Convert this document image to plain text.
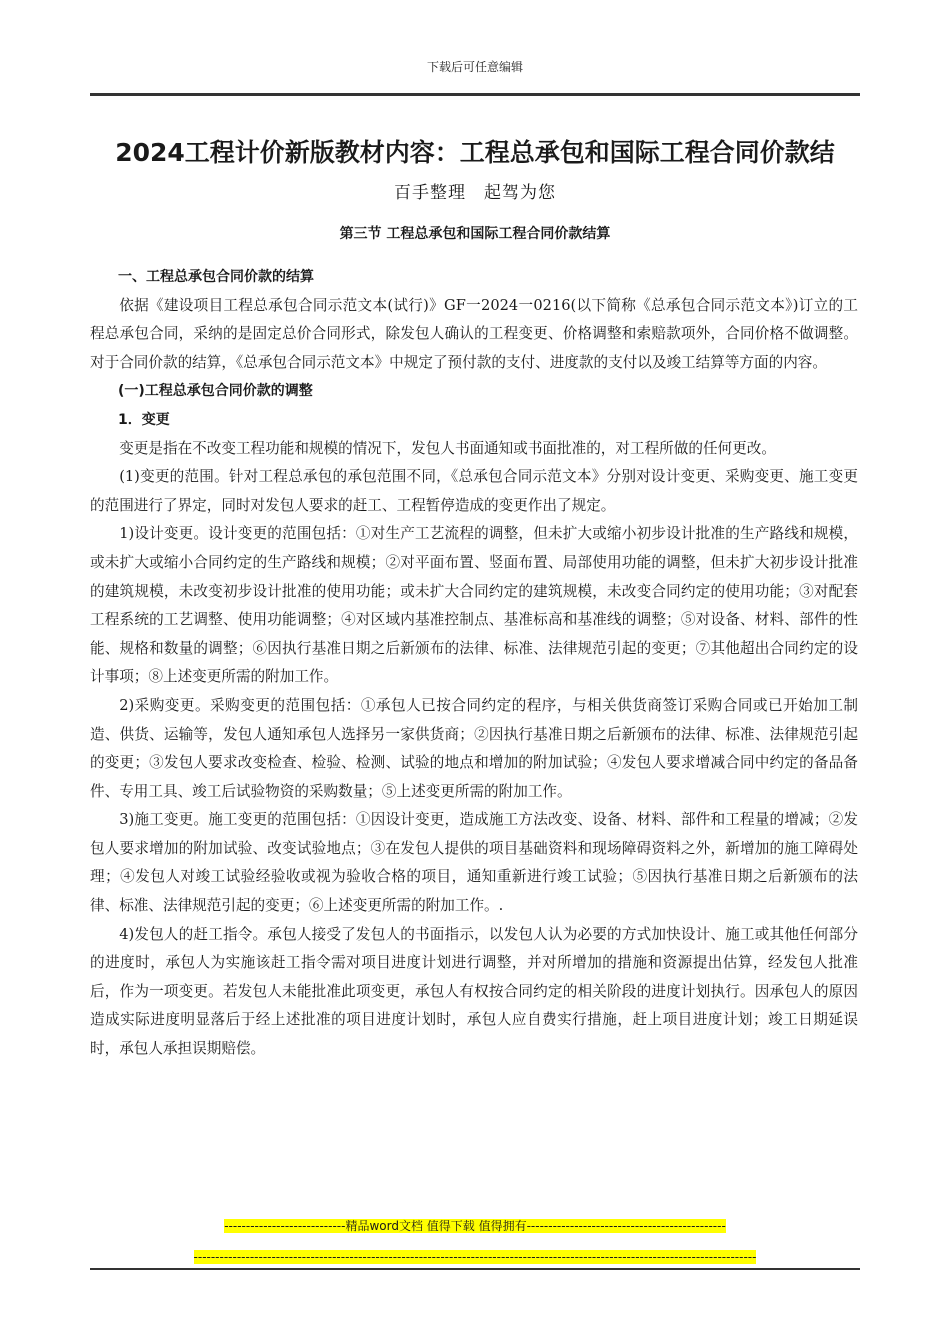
下载后可任意编辑
2024工程计价新版教材内容：工程总承包和国际工程合同价款结
百手整理　起驾为您
第三节 工程总承包和国际工程合同价款结算

一、工程总承包合同价款的结算

依据《建设项目工程总承包合同示范文本(试行)》GF一2024一0216(以下简称《总承包合同示范文本》)订立的工程总承包合同，采纳的是固定总价合同形式，除发包人确认的工程变更、价格调整和索赔款项外，合同价格不做调整。对于合同价款的结算，《总承包合同示范文本》中规定了预付款的支付、进度款的支付以及竣工结算等方面的内容。

(一)工程总承包合同价款的调整

1．变更

变更是指在不改变工程功能和规模的情况下，发包人书面通知或书面批准的，对工程所做的任何更改。

(1)变更的范围。针对工程总承包的承包范围不同，《总承包合同示范文本》分别对设计变更、采购变更、施工变更的范围进行了界定，同时对发包人要求的赶工、工程暂停造成的变更作出了规定。

1)设计变更。设计变更的范围包括：①对生产工艺流程的调整，但未扩大或缩小初步设计批准的生产路线和规模，或未扩大或缩小合同约定的生产路线和规模；②对平面布置、竖面布置、局部使用功能的调整，但未扩大初步设计批准的建筑规模，未改变初步设计批准的使用功能；或未扩大合同约定的建筑规模，未改变合同约定的使用功能；③对配套工程系统的工艺调整、使用功能调整；④对区域内基准控制点、基准标高和基准线的调整；⑤对设备、材料、部件的性能、规格和数量的调整；⑥因执行基准日期之后新颁布的法律、标准、法律规范引起的变更；⑦其他超出合同约定的设计事项；⑧上述变更所需的附加工作。

2)采购变更。采购变更的范围包括：①承包人已按合同约定的程序，与相关供货商签订采购合同或已开始加工制造、供货、运输等，发包人通知承包人选择另一家供货商；②因执行基准日期之后新颁布的法律、标准、法律规范引起的变更；③发包人要求改变检查、检验、检测、试验的地点和增加的附加试验；④发包人要求增减合同中约定的备品备件、专用工具、竣工后试验物资的采购数量；⑤上述变更所需的附加工作。

3)施工变更。施工变更的范围包括：①因设计变更，造成施工方法改变、设备、材料、部件和工程量的增减；②发包人要求增加的附加试验、改变试验地点；③在发包人提供的项目基础资料和现场障碍资料之外，新增加的施工障碍处理；④发包人对竣工试验经验收或视为验收合格的项目，通知重新进行竣工试验；⑤因执行基准日期之后新颁布的法律、标准、法律规范引起的变更；⑥上述变更所需的附加工作。.

4)发包人的赶工指令。承包人接受了发包人的书面指示，以发包人认为必要的方式加快设计、施工或其他任何部分的进度时，承包人为实施该赶工指令需对项目进度计划进行调整，并对所增加的措施和资源提出估算，经发包人批准后，作为一项变更。若发包人未能批准此项变更，承包人有权按合同约定的相关阶段的进度计划执行。因承包人的原因造成实际进度明显落后于经上述批准的项目进度计划时，承包人应自费实行措施，赶上项目进度计划；竣工日期延误时，承包人承担误期赔偿。

----------------------------精品word文档 值得下载 值得拥有----------------------------------------------
----------------------------------------------------------------------------------------------------------------------------------
